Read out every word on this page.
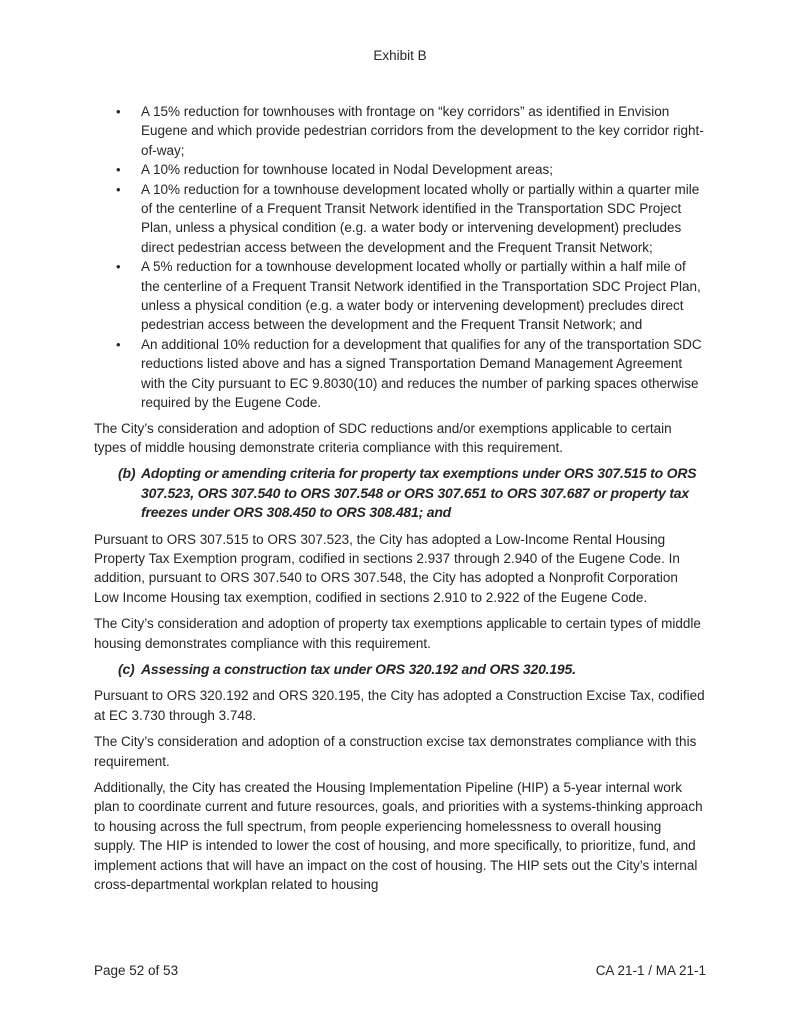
Exhibit B
• A 15% reduction for townhouses with frontage on “key corridors” as identified in Envision Eugene and which provide pedestrian corridors from the development to the key corridor right-of-way;
• A 10% reduction for townhouse located in Nodal Development areas;
• A 10% reduction for a townhouse development located wholly or partially within a quarter mile of the centerline of a Frequent Transit Network identified in the Transportation SDC Project Plan, unless a physical condition (e.g. a water body or intervening development) precludes direct pedestrian access between the development and the Frequent Transit Network;
• A 5% reduction for a townhouse development located wholly or partially within a half mile of the centerline of a Frequent Transit Network identified in the Transportation SDC Project Plan, unless a physical condition (e.g. a water body or intervening development) precludes direct pedestrian access between the development and the Frequent Transit Network; and
• An additional 10% reduction for a development that qualifies for any of the transportation SDC reductions listed above and has a signed Transportation Demand Management Agreement with the City pursuant to EC 9.8030(10) and reduces the number of parking spaces otherwise required by the Eugene Code.

The City’s consideration and adoption of SDC reductions and/or exemptions applicable to certain types of middle housing demonstrate criteria compliance with this requirement.

(b) Adopting or amending criteria for property tax exemptions under ORS 307.515 to ORS 307.523, ORS 307.540 to ORS 307.548 or ORS 307.651 to ORS 307.687 or property tax freezes under ORS 308.450 to ORS 308.481; and

Pursuant to ORS 307.515 to ORS 307.523, the City has adopted a Low-Income Rental Housing Property Tax Exemption program, codified in sections 2.937 through 2.940 of the Eugene Code. In addition, pursuant to ORS 307.540 to ORS 307.548, the City has adopted a Nonprofit Corporation Low Income Housing tax exemption, codified in sections 2.910 to 2.922 of the Eugene Code.

The City’s consideration and adoption of property tax exemptions applicable to certain types of middle housing demonstrates compliance with this requirement.

(c) Assessing a construction tax under ORS 320.192 and ORS 320.195.

Pursuant to ORS 320.192 and ORS 320.195, the City has adopted a Construction Excise Tax, codified at EC 3.730 through 3.748.

The City’s consideration and adoption of a construction excise tax demonstrates compliance with this requirement.

Additionally, the City has created the Housing Implementation Pipeline (HIP) a 5-year internal work plan to coordinate current and future resources, goals, and priorities with a systems-thinking approach to housing across the full spectrum, from people experiencing homelessness to overall housing supply. The HIP is intended to lower the cost of housing, and more specifically, to prioritize, fund, and implement actions that will have an impact on the cost of housing. The HIP sets out the City’s internal cross-departmental workplan related to housing

Page 52 of 53	CA 21-1 / MA 21-1
